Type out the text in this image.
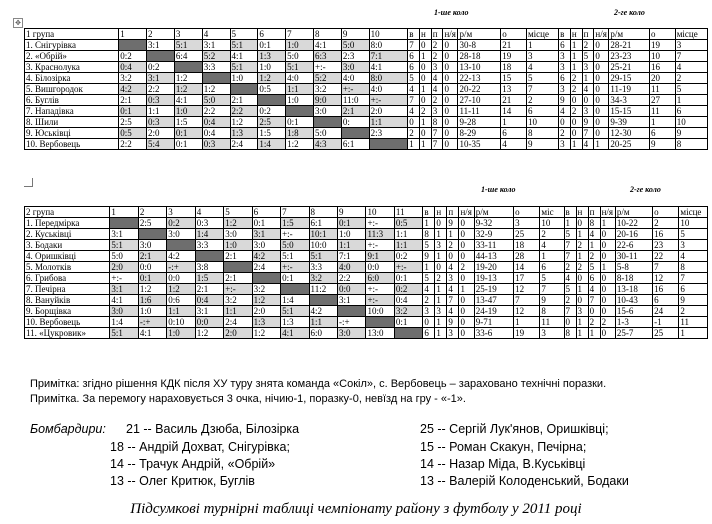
1-ше коло	2-ге коло
✥
1 група	1	2	3	4	5	6	7	8	9	10	в	н	п	н/я	р/м	о	місце	в	н	п	н/я	р/м	о	місце
1. Снігурівка		3:1	5:1	3:1	5:1	0:1	1:0	4:1	5:0	8:0	7	0	2	0	30-8	21	1	6	1	2	0	28-21	19	3
2. «Обрій»	0:2		6:4	5:2	4:1	1:3	5:0	6:3	2:3	7:1	6	1	2	0	28-18	19	3	3	1	5	0	23-23	10	7
3. Краснолука	0:4	0:2		3:3	5:1	1:0	5:1	+:-	3:0	4:1	6	0	3	0	13-10	18	4	3	1	3	0	25-21	16	4
4. Білозірка	3:2	3:1	1:2		1:0	1:2	4:0	5:2	4:0	8:0	5	0	4	0	22-13	15	5	6	2	1	0	29-15	20	2
5. Вишгородок	4:2	2:2	1:2	1:2		0:5	1:1	3:2	+:-	4:0	4	1	4	0	20-22	13	7	3	2	4	0	11-19	11	5
6. Буглів	2:1	0:3	4:1	5:0	2:1		1:0	9:0	11:0	+:-	7	0	2	0	27-10	21	2	9	0	0	0	34-3	27	1
7. Нападівка	0:1	1:1	1:0	2:2	2:2	0:2		3:0	2:1	2:0	4	2	3	0	11-11	14	6	4	2	3	0	15-15	11	6
8. Шили	2:5	0:3	1:5	0:4	1:2	2:5	0:1		0:	1:1	0	1	8	0	9-28	1	10	0	0	9	0	9-39	1	10
9. Юськівці	0:5	2:0	0:1	0:4	1:3	1:5	1:8	5:0		2:3	2	0	7	0	8-29	6	8	2	0	7	0	12-30	6	9
10. Вербовець	2:2	5:4	0:1	0:3	2:4	1:4	1:2	4:3	6:1		1	1	7	0	10-35	4	9	3	1	4	1	20-25	9	8
1-ше коло	2-ге коло
2 група	1	2	3	4	5	6	7	8	9	10	11	в	н	п	н/я	р/м	о	міс	в	н	п	н/я	р/м	о	місце
1. Передмірка		2:5	0:2	0:3	1:2	0:1	1:5	6:1	0:1	+:-	0:5	1	0	9	0	9-32	3	10	1	0	8	1	10-22	2	10
2. Куськівці	3:1		3:0	1:4	3:0	3:1	+:-	10:1	1:0	11:3	1:1	8	1	1	0	32-9	25	2	5	1	4	0	20-16	16	5
3. Бодаки	5:1	3:0		3:3	1:0	3:0	5:0	10:0	1:1	+:-	1:1	5	3	2	0	33-11	18	4	7	2	1	0	22-6	23	3
4. Оришківці	5:0	2:1	4:2		2:1	4:2	5:1	5:1	7:1	9:1	0:2	9	1	0	0	44-13	28	1	7	1	2	0	30-11	22	4
5. Молотків	2:0	0:0	-:+	3:8		2:4	+:-	3:3	4:0	0:0	+:-	1	0	4	2	19-20	14	6	2	2	5	1	5-8	7	8
6. Грибова	+:-	0:1	0:0	1:5	2:1		0:1	3:2	2:2	6:0	0:1	5	2	3	0	19-13	17	5	4	0	6	0	8-18	12	7
7. Печірна	3:1	1:2	1:2	2:1	+:-	3:2		11:2	0:0	+:-	0:2	4	1	4	1	25-19	12	7	5	1	4	0	13-18	16	6
8. Вануйків	4:1	1:6	0:6	0:4	3:2	1:2	1:4		3:1	+:-	0:4	2	1	7	0	13-47	7	9	2	0	7	0	10-43	6	9
9. Борщівка	3:0	1:0	1:1	3:1	1:1	2:0	5:1	4:2		10:0	3:2	3	3	4	0	24-19	12	8	7	3	0	0	15-6	24	2
10. Вербовець	1:4	-:+	0:10	0:0	2:4	1:3	1:3	1:1	-:+		0:1	0	1	9	0	9-71	1	11	0	1	2	2	1-3	-1	11
11. «Цукровик»	5:1	4:1	1:0	1:2	2:0	1:2	4:1	6:0	3:0	13:0		6	1	3	0	33-6	19	3	8	1	1	0	25-7	25	1
Примітка: згідно рішення КДК після ХУ туру знята команда «Сокіл», с. Вербовець – зараховано технічні поразки.
Примітка. За перемогу нараховується 3 очка, нічию-1, поразку-0, невїзд на гру - «-1».
Бомбардири: 21 -- Василь Дзюба, Білозірка
18 -- Андрій Дохват, Снігурівка;
14 -- Трачук Андрій, «Обрій»
13 -- Олег Критюк, Буглів
25 -- Сергій Лук'янов, Оришківці;
15 -- Роман Скакун, Печірна;
14 -- Назар Міда, В.Куськівці
13 -- Валерій Колоденський, Бодаки
Підсумкові турнірні таблиці чемпіонату району з футболу у 2011 році
